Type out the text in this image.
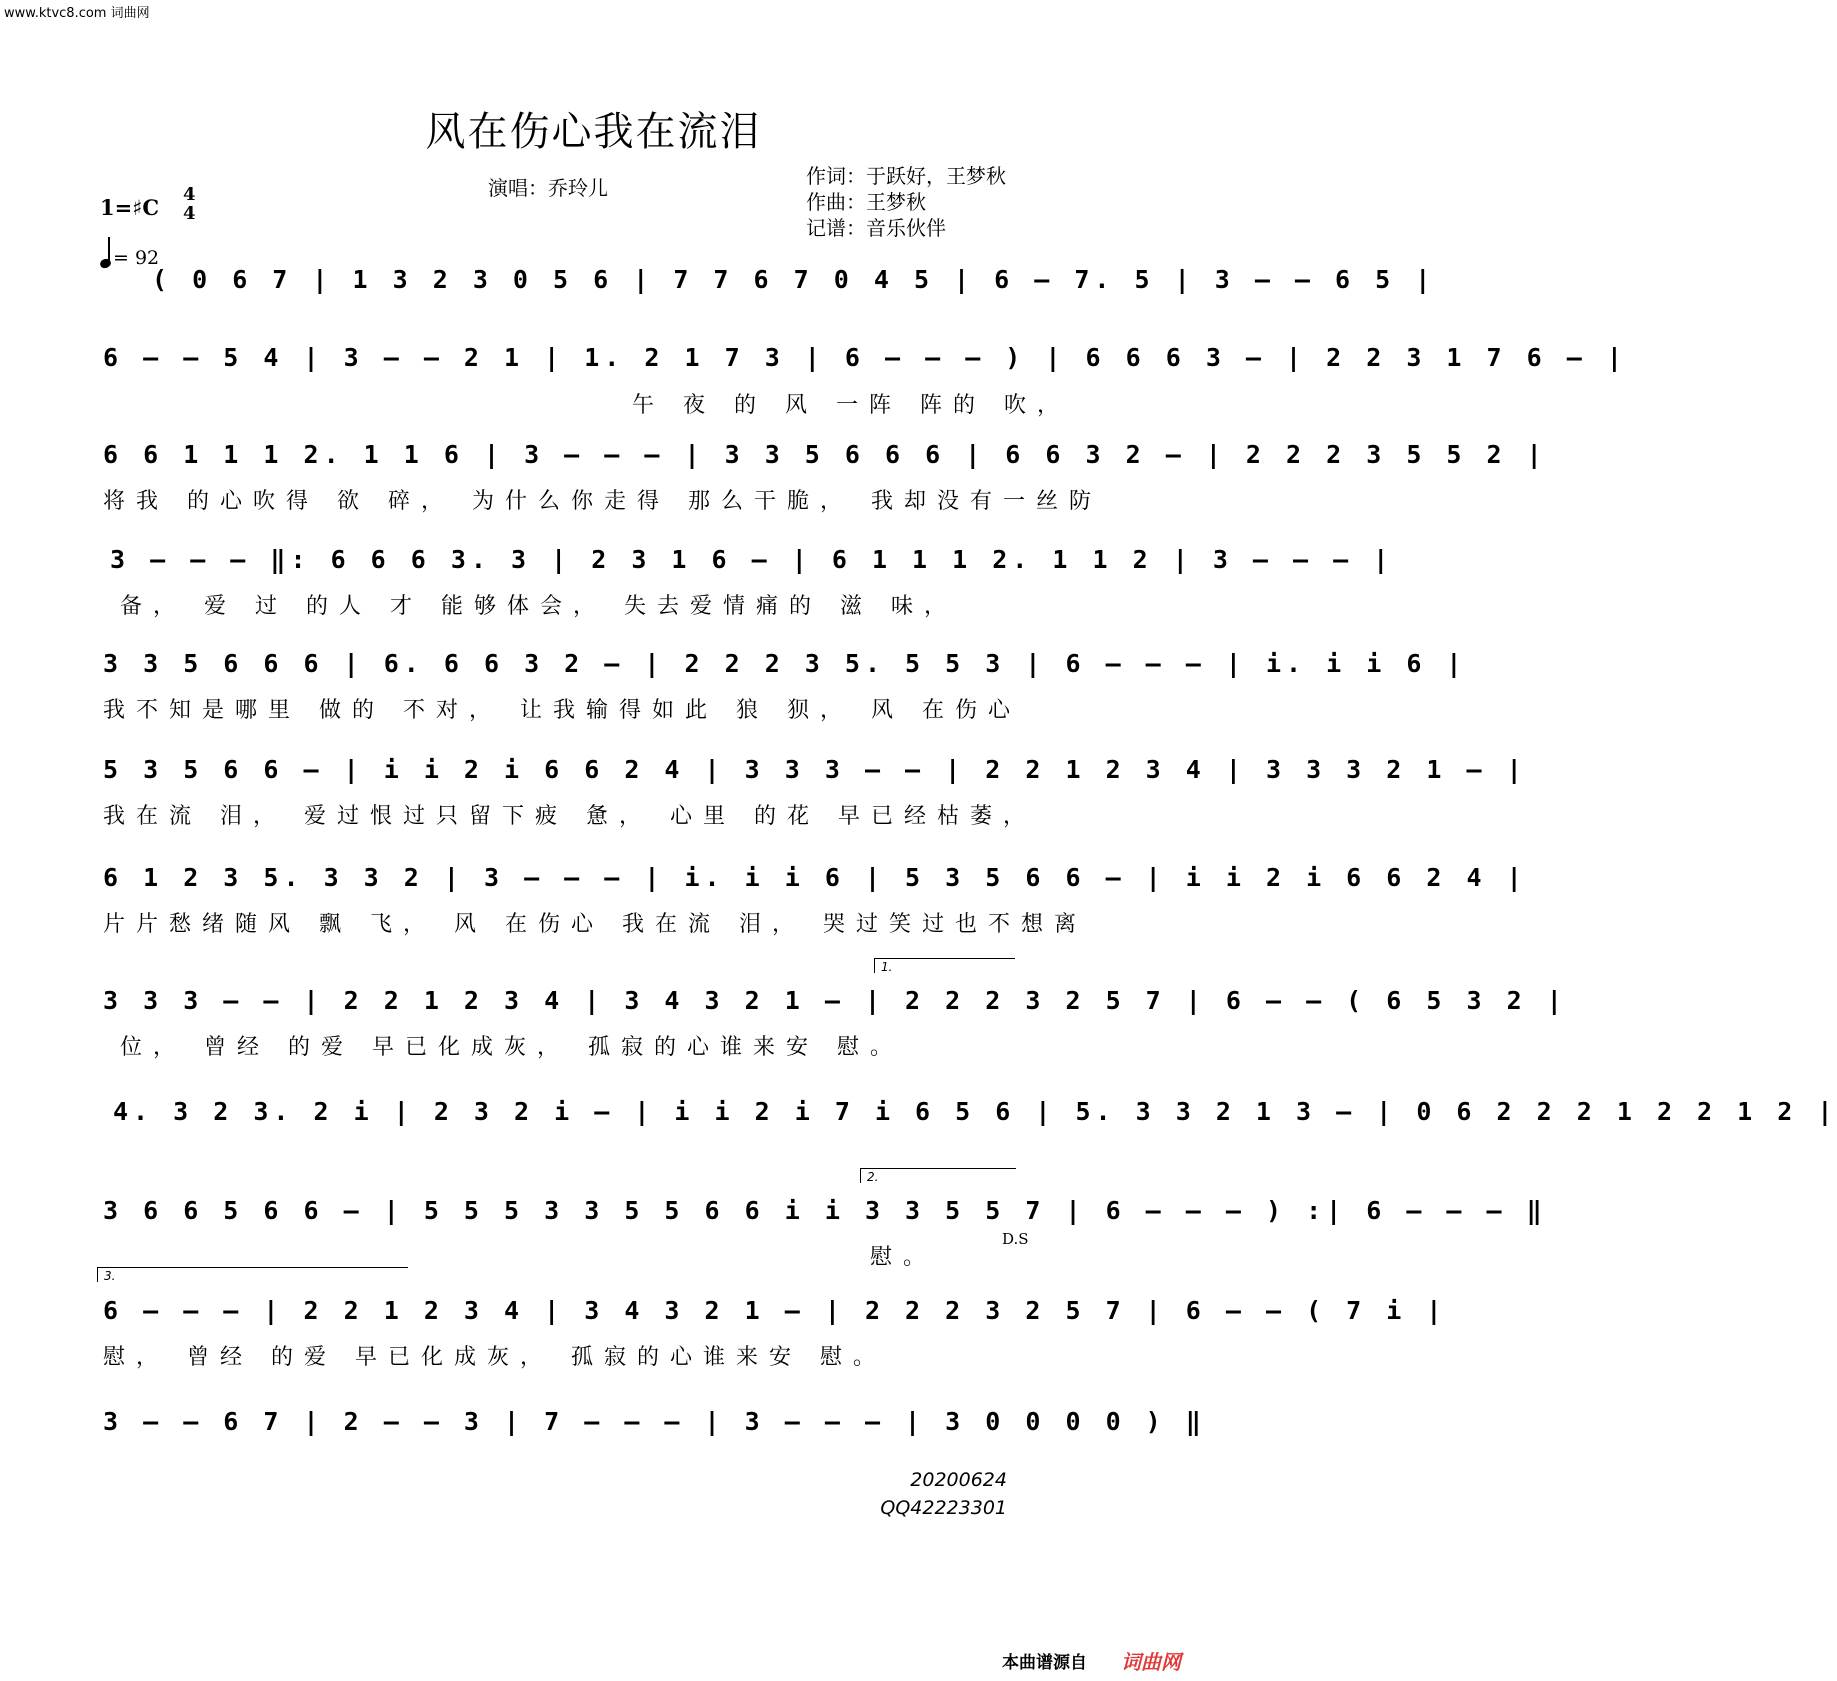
www.ktvc8.com 词曲网
风在伤心我在流泪
演唱：乔玲儿	作词：于跃好，王梦秋
作曲：王梦秋
记谱：音乐伙伴
1=♯C
4
4
= 92
( 0 6 7 | 1 3 2 3 0 5 6 | 7 7 6 7 0 4 5 | 6 — 7. 5 | 3 — — 6 5 |
6 — — 5 4 | 3 — — 2 1 | 1. 2 1 7 3 | 6 — — — ) | 6 6 6 3 — | 2 2 3 1 7 6 — |
午 夜 的 风 一阵 阵的 吹，
6 6 1 1 1 2. 1 1 6 | 3 — — — | 3 3 5 6 6 6 | 6 6 3 2 — | 2 2 2 3 5 5 2 |
将我 的心吹得 欲 碎， 为什么你走得 那么干脆， 我却没有一丝防
3 — — — ‖: 6 6 6 3. 3 | 2 3 1 6 — | 6 1 1 1 2. 1 1 2 | 3 — — — |
备， 爱 过 的人 才 能够体会， 失去爱情痛的 滋 味，
3 3 5 6 6 6 | 6. 6 6 3 2 — | 2 2 2 3 5. 5 5 3 | 6 — — — | i. i i 6 |
我不知是哪里 做的 不对， 让我输得如此 狼 狈， 风 在伤心
5 3 5 6 6 — | i i 2 i 6 6 2 4 | 3 3 3 — — | 2 2 1 2 3 4 | 3 3 3 2 1 — |
我在流 泪， 爱过恨过只留下疲 惫， 心里 的花 早已经枯萎，
6 1 2 3 5. 3 3 2 | 3 — — — | i. i i 6 | 5 3 5 6 6 — | i i 2 i 6 6 2 4 |
片片愁绪随风 飘 飞， 风 在伤心 我在流 泪， 哭过笑过也不想离
1.
3 3 3 — — | 2 2 1 2 3 4 | 3 4 3 2 1 — | 2 2 2 3 2 5 7 | 6 — — ( 6 5 3 2 |
位， 曾经 的爱 早已化成灰， 孤寂的心谁来安 慰。
4. 3 2 3. 2 i | 2 3 2 i — | i i 2 i 7 i 6 5 6 | 5. 3 3 2 1 3 — | 0 6 2 2 2 1 2 2 1 2 |
2.
3 6 6 5 6 6 — | 5 5 5 3 3 5 5 6 6 i i 3 3 5 5 7 | 6 — — — ) :| 6 — — — ‖
慰。
D.S
3.
6 — — — | 2 2 1 2 3 4 | 3 4 3 2 1 — | 2 2 2 3 2 5 7 | 6 — — ( 7 i |
慰， 曾经 的爱 早已化成灰， 孤寂的心谁来安 慰。
3 — — 6 7 | 2 — — 3 | 7 — — — | 3 — — — | 3 0 0 0 0 ) ‖
20200624
QQ42223301
本曲谱源自 词曲网
